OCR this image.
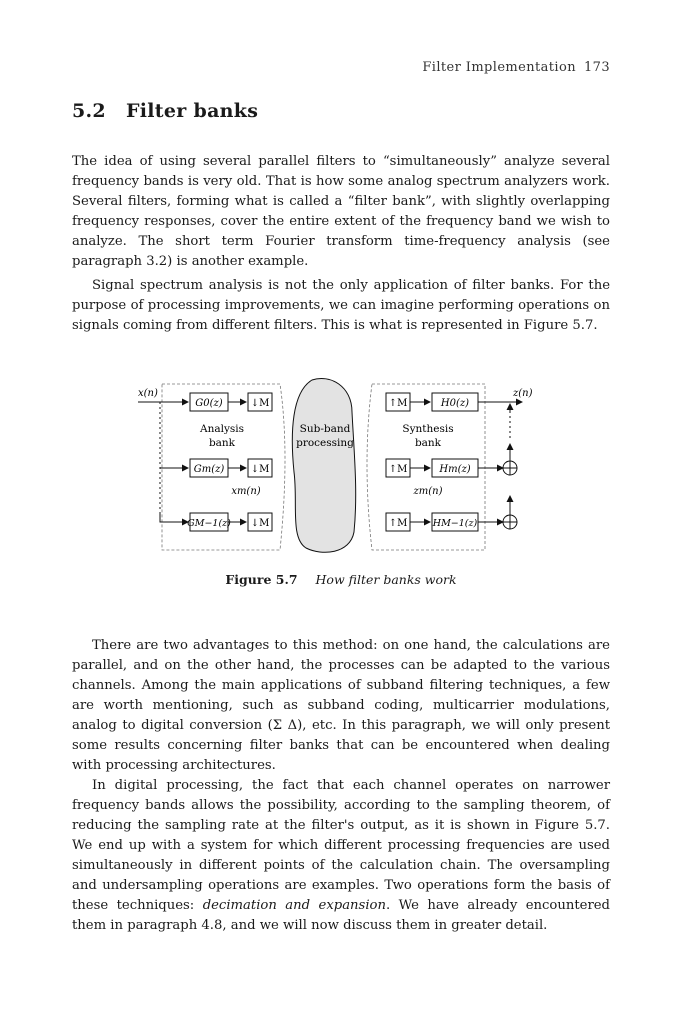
Filter Implementation 173
5.2 Filter banks

The idea of using several parallel filters to “simultaneously” analyze several frequency bands is very old. That is how some analog spectrum analyzers work. Several filters, forming what is called a “filter bank”, with slightly overlapping frequency responses, cover the entire extent of the frequency band we wish to analyze. The short term Fourier transform time-frequency analysis (see paragraph 3.2) is another example.

Signal spectrum analysis is not the only application of filter banks. For the purpose of processing improvements, we can imagine performing operations on signals coming from different filters. This is what is represented in Figure 5.7.

x(n)	z(n)
G0(z)
Gm(z)
GM−1(z)
↓M
↓M
↓M
↑M
↑M
↑M
H0(z)
Hm(z)
HM−1(z)
Analysis
bank
Sub-band
processing
Synthesis
bank
xm(n)	zm(n)
Figure 5.7 How filter banks work

There are two advantages to this method: on one hand, the calculations are parallel, and on the other hand, the processes can be adapted to the various channels. Among the main applications of subband filtering techniques, a few are worth mentioning, such as subband coding, multicarrier modulations, analog to digital conversion (Σ Δ), etc. In this paragraph, we will only present some results concerning filter banks that can be encountered when dealing with processing architectures.

In digital processing, the fact that each channel operates on narrower frequency bands allows the possibility, according to the sampling theorem, of reducing the sampling rate at the filter's output, as it is shown in Figure 5.7. We end up with a system for which different processing frequencies are used simultaneously in different points of the calculation chain. The oversampling and undersampling operations are examples. Two operations form the basis of these techniques: decimation and expansion. We have already encountered them in paragraph 4.8, and we will now discuss them in greater detail.
